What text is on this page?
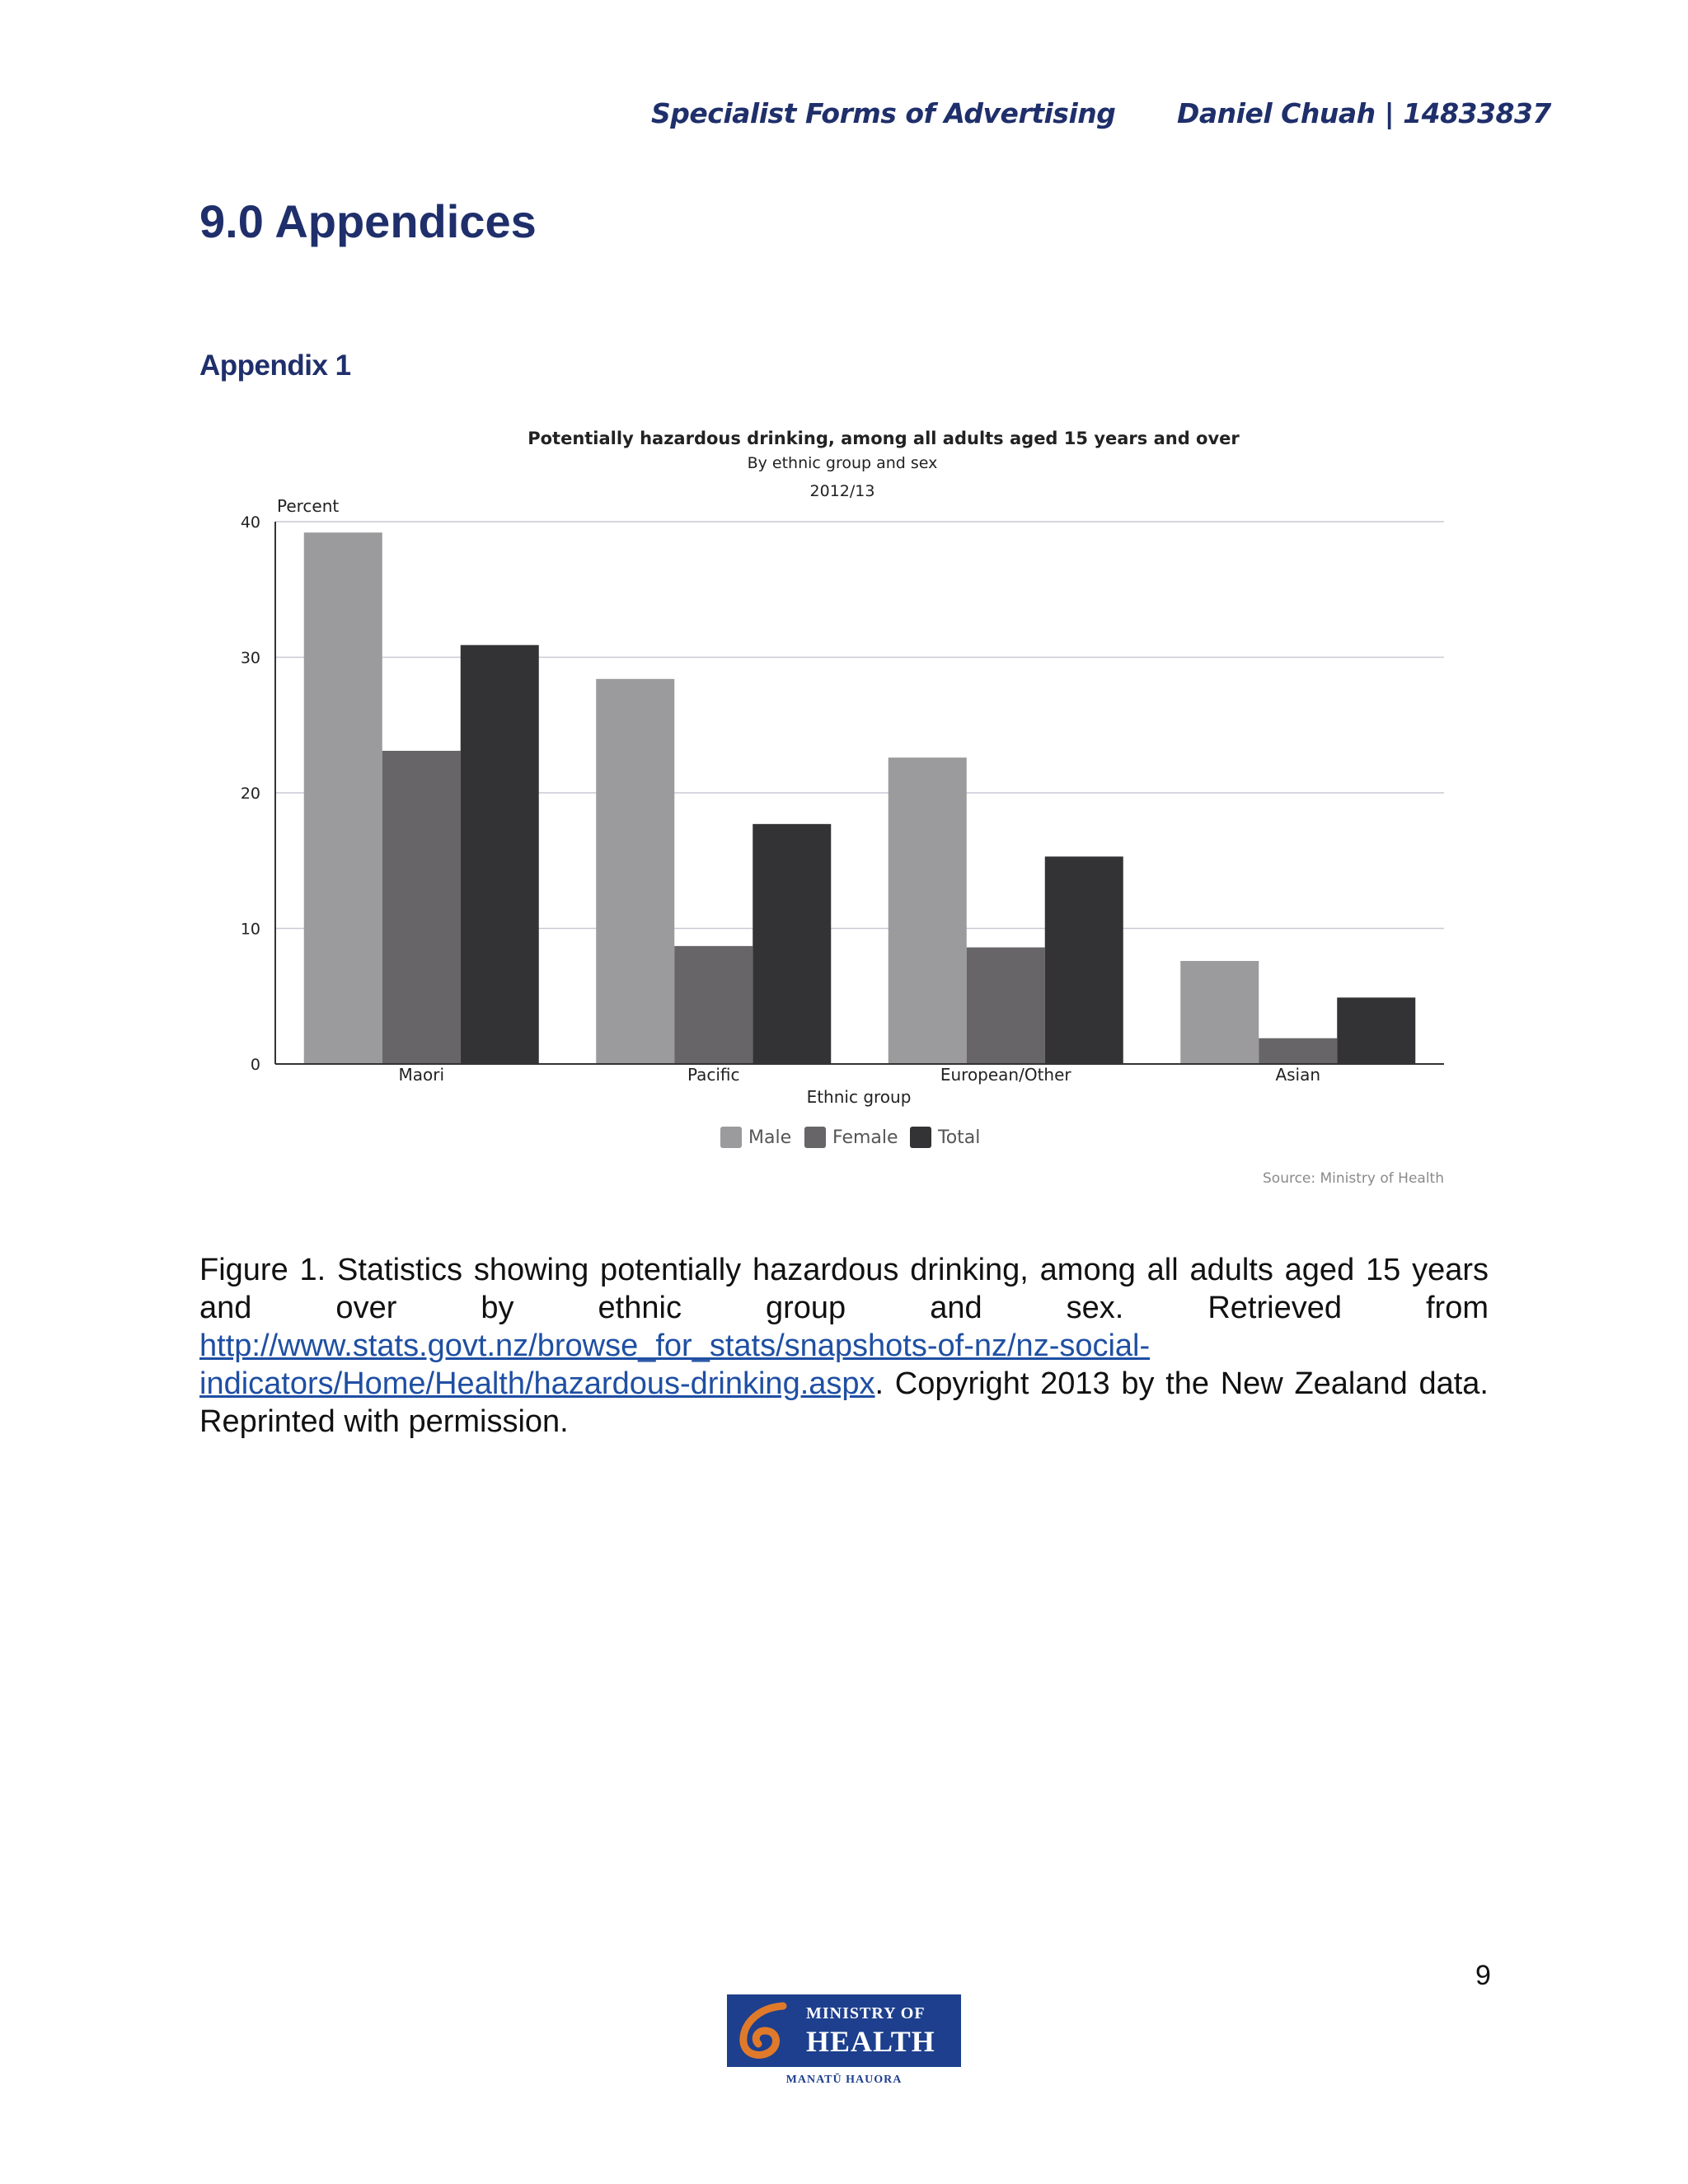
Specialist Forms of Advertising Daniel Chuah | 14833837
9.0 Appendices
Appendix 1
Potentially hazardous drinking, among all adults aged 15 years and over
By ethnic group and sex
2012/13
Percent
Ethnic group
Source: Ministry of Health
0
10
20
30
40
Maori	Pacific	European/Other	Asian
Male Female Total
Figure 1. Statistics showing potentially hazardous drinking, among all adults aged 15 years and over by ethnic group and sex. Retrieved from http://www.stats.govt.nz/browse_for_stats/snapshots-of-nz/nz-social-indicators/Home/Health/hazardous-drinking.aspx. Copyright 2013 by the New Zealand data. Reprinted with permission.
9
MINISTRY OF
HEALTH
MANATŪ HAUORA
